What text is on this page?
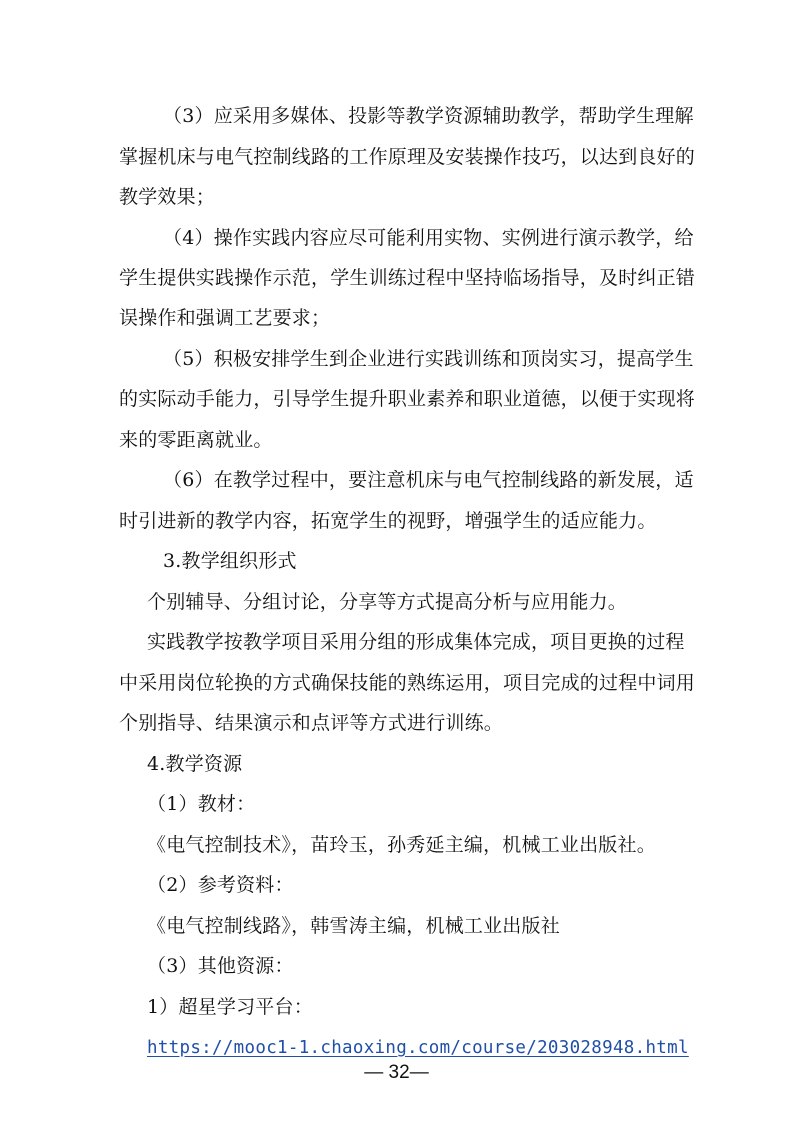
（3）应采用多媒体、投影等教学资源辅助教学，帮助学生理解
掌握机床与电气控制线路的工作原理及安装操作技巧，以达到良好的
教学效果；
（4）操作实践内容应尽可能利用实物、实例进行演示教学，给
学生提供实践操作示范，学生训练过程中坚持临场指导，及时纠正错
误操作和强调工艺要求；
（5）积极安排学生到企业进行实践训练和顶岗实习，提高学生
的实际动手能力，引导学生提升职业素养和职业道德，以便于实现将
来的零距离就业。
（6）在教学过程中，要注意机床与电气控制线路的新发展，适
时引进新的教学内容，拓宽学生的视野，增强学生的适应能力。
3.教学组织形式
个别辅导、分组讨论，分享等方式提高分析与应用能力。
实践教学按教学项目采用分组的形成集体完成，项目更换的过程
中采用岗位轮换的方式确保技能的熟练运用，项目完成的过程中词用
个别指导、结果演示和点评等方式进行训练。
4.教学资源
（1）教材：
《电气控制技术》，苗玲玉，孙秀延主编，机械工业出版社。
（2）参考资料：
《电气控制线路》，韩雪涛主编，机械工业出版社
（3）其他资源：
1）超星学习平台：
https://mooc1-1.chaoxing.com/course/203028948.html
— 32—
